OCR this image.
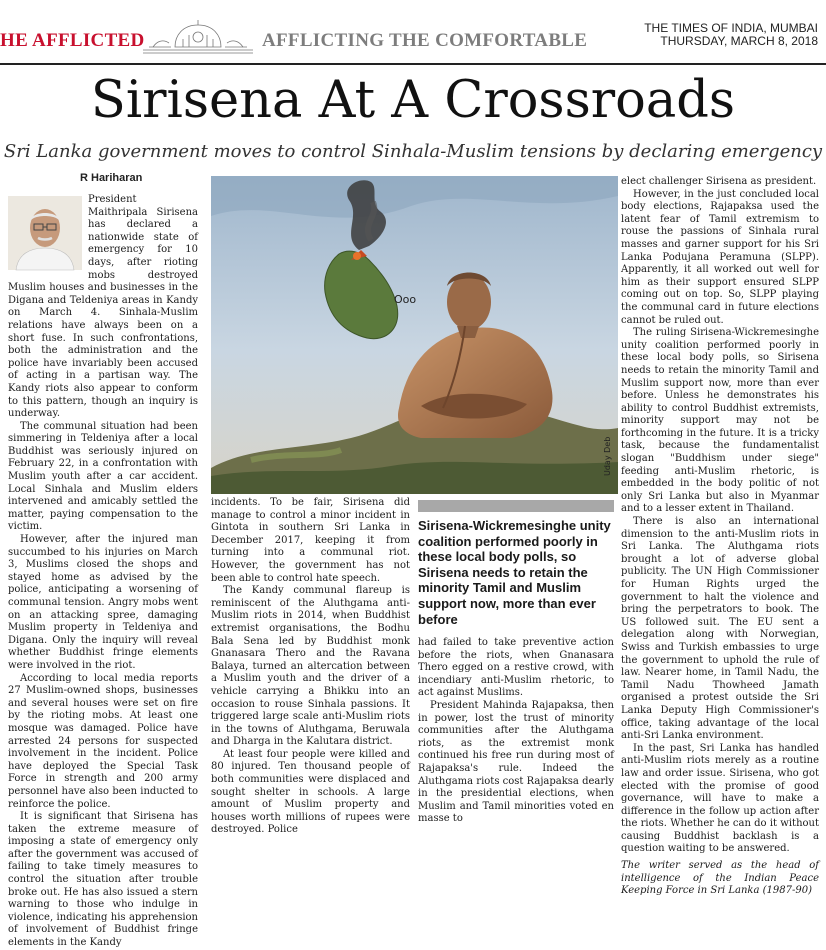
HE AFFLICTED	AFFLICTING THE COMFORTABLE
THE TIMES OF INDIA, MUMBAI
THURSDAY, MARCH 8, 2018
Sirisena At A Crossroads
Sri Lanka government moves to control Sinhala-Muslim tensions by declaring emergency
R Hariharan

President Maithripala Sirisena has declared a nationwide state of emergency for 10 days, after rioting mobs destroyed Muslim houses and businesses in the Digana and Teldeniya areas in Kandy on March 4. Sinhala-Muslim relations have always been on a short fuse. In such confrontations, both the administration and the police have invariably been accused of acting in a partisan way. The Kandy riots also appear to conform to this pattern, though an inquiry is underway.

The communal situation had been simmering in Teldeniya after a local Buddhist was seriously injured on February 22, in a confrontation with Muslim youth after a car accident. Local Sinhala and Muslim elders intervened and amicably settled the matter, paying compensation to the victim.

However, after the injured man succumbed to his injuries on March 3, Muslims closed the shops and stayed home as advised by the police, anticipating a worsening of communal tension. Angry mobs went on an attacking spree, damaging Muslim property in Teldeniya and Digana. Only the inquiry will reveal whether Buddhist fringe elements were involved in the riot.

According to local media reports 27 Muslim-owned shops, businesses and several houses were set on fire by the rioting mobs. At least one mosque was damaged. Police have arrested 24 persons for suspected involvement in the incident. Police have deployed the Special Task Force in strength and 200 army personnel have also been inducted to reinforce the police.

It is significant that Sirisena has taken the extreme measure of imposing a state of emergency only after the government was accused of failing to take timely measures to control the situation after trouble broke out. He has also issued a stern warning to those who indulge in violence, indicating his apprehension of involvement of Buddhist fringe elements in the Kandy

Ooo
Uday Deb

incidents. To be fair, Sirisena did manage to control a minor incident in Gintota in southern Sri Lanka in December 2017, keeping it from turning into a communal riot. However, the government has not been able to control hate speech.

The Kandy communal flareup is reminiscent of the Aluthgama anti-Muslim riots in 2014, when Buddhist extremist organisations, the Bodhu Bala Sena led by Buddhist monk Gnanasara Thero and the Ravana Balaya, turned an altercation between a Muslim youth and the driver of a vehicle carrying a Bhikku into an occasion to rouse Sinhala passions. It triggered large scale anti-Muslim riots in the towns of Aluthgama, Beruwala and Dharga in the Kalutara district.

At least four people were killed and 80 injured. Ten thousand people of both communities were displaced and sought shelter in schools. A large amount of Muslim property and houses worth millions of rupees were destroyed. Police

Sirisena-Wickremesinghe unity coalition performed poorly in these local body polls, so Sirisena needs to retain the minority Tamil and Muslim support now, more than ever before

had failed to take preventive action before the riots, when Gnanasara Thero egged on a restive crowd, with incendiary anti-Muslim rhetoric, to act against Muslims.

President Mahinda Rajapaksa, then in power, lost the trust of minority communities after the Aluthgama riots, as the extremist monk continued his free run during most of Rajapaksa's rule. Indeed the Aluthgama riots cost Rajapaksa dearly in the presidential elections, when Muslim and Tamil minorities voted en masse to

elect challenger Sirisena as president.

However, in the just concluded local body elections, Rajapaksa used the latent fear of Tamil extremism to rouse the passions of Sinhala rural masses and garner support for his Sri Lanka Podujana Peramuna (SLPP). Apparently, it all worked out well for him as their support ensured SLPP coming out on top. So, SLPP playing the communal card in future elections cannot be ruled out.

The ruling Sirisena-Wickremesinghe unity coalition performed poorly in these local body polls, so Sirisena needs to retain the minority Tamil and Muslim support now, more than ever before. Unless he demonstrates his ability to control Buddhist extremists, minority support may not be forthcoming in the future. It is a tricky task, because the fundamentalist slogan "Buddhism under siege" feeding anti-Muslim rhetoric, is embedded in the body politic of not only Sri Lanka but also in Myanmar and to a lesser extent in Thailand.

There is also an international dimension to the anti-Muslim riots in Sri Lanka. The Aluthgama riots brought a lot of adverse global publicity. The UN High Commissioner for Human Rights urged the government to halt the violence and bring the perpetrators to book. The US followed suit. The EU sent a delegation along with Norwegian, Swiss and Turkish embassies to urge the government to uphold the rule of law. Nearer home, in Tamil Nadu, the Tamil Nadu Thowheed Jamath organised a protest outside the Sri Lanka Deputy High Commissioner's office, taking advantage of the local anti-Sri Lanka environment.

In the past, Sri Lanka has handled anti-Muslim riots merely as a routine law and order issue. Sirisena, who got elected with the promise of good governance, will have to make a difference in the follow up action after the riots. Whether he can do it without causing Buddhist backlash is a question waiting to be answered.

The writer served as the head of intelligence of the Indian Peace Keeping Force in Sri Lanka (1987-90)
